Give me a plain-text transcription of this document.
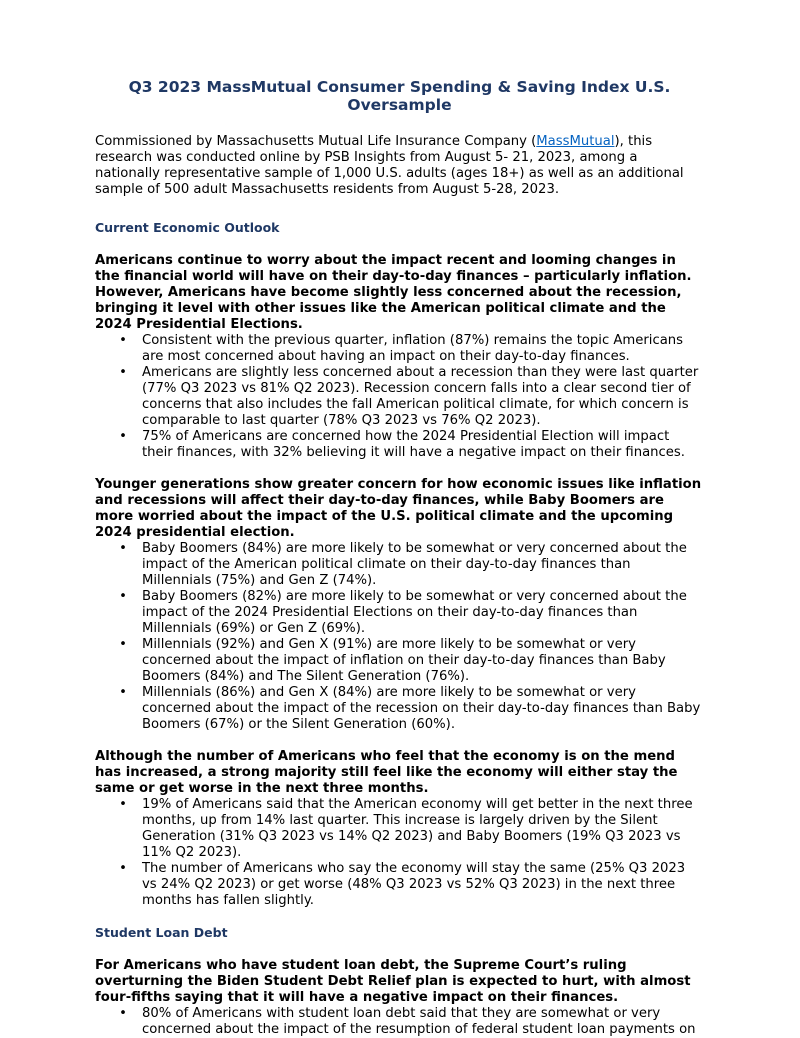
Q3 2023 MassMutual Consumer Spending & Saving Index U.S. Oversample

Commissioned by Massachusetts Mutual Life Insurance Company (MassMutual), this research was conducted online by PSB Insights from August 5- 21, 2023, among a nationally representative sample of 1,000 U.S. adults (ages 18+) as well as an additional sample of 500 adult Massachusetts residents from August 5-28, 2023.

Current Economic Outlook

Americans continue to worry about the impact recent and looming changes in the financial world will have on their day-to-day finances – particularly inflation. However, Americans have become slightly less concerned about the recession, bringing it level with other issues like the American political climate and the 2024 Presidential Elections.

• Consistent with the previous quarter, inflation (87%) remains the topic Americans are most concerned about having an impact on their day-to-day finances.
• Americans are slightly less concerned about a recession than they were last quarter (77% Q3 2023 vs 81% Q2 2023). Recession concern falls into a clear second tier of concerns that also includes the fall American political climate, for which concern is comparable to last quarter (78% Q3 2023 vs 76% Q2 2023).
• 75% of Americans are concerned how the 2024 Presidential Election will impact their finances, with 32% believing it will have a negative impact on their finances.

Younger generations show greater concern for how economic issues like inflation and recessions will affect their day-to-day finances, while Baby Boomers are more worried about the impact of the U.S. political climate and the upcoming 2024 presidential election.

• Baby Boomers (84%) are more likely to be somewhat or very concerned about the impact of the American political climate on their day-to-day finances than Millennials (75%) and Gen Z (74%).
• Baby Boomers (82%) are more likely to be somewhat or very concerned about the impact of the 2024 Presidential Elections on their day-to-day finances than Millennials (69%) or Gen Z (69%).
• Millennials (92%) and Gen X (91%) are more likely to be somewhat or very concerned about the impact of inflation on their day-to-day finances than Baby Boomers (84%) and The Silent Generation (76%).
• Millennials (86%) and Gen X (84%) are more likely to be somewhat or very concerned about the impact of the recession on their day-to-day finances than Baby Boomers (67%) or the Silent Generation (60%).

Although the number of Americans who feel that the economy is on the mend has increased, a strong majority still feel like the economy will either stay the same or get worse in the next three months.

• 19% of Americans said that the American economy will get better in the next three months, up from 14% last quarter. This increase is largely driven by the Silent Generation (31% Q3 2023 vs 14% Q2 2023) and Baby Boomers (19% Q3 2023 vs 11% Q2 2023).
• The number of Americans who say the economy will stay the same (25% Q3 2023 vs 24% Q2 2023) or get worse (48% Q3 2023 vs 52% Q3 2023) in the next three months has fallen slightly.
Student Loan Debt

For Americans who have student loan debt, the Supreme Court’s ruling overturning the Biden Student Debt Relief plan is expected to hurt, with almost four-fifths saying that it will have a negative impact on their finances.

• 80% of Americans with student loan debt said that they are somewhat or very concerned about the impact of the resumption of federal student loan payments on
